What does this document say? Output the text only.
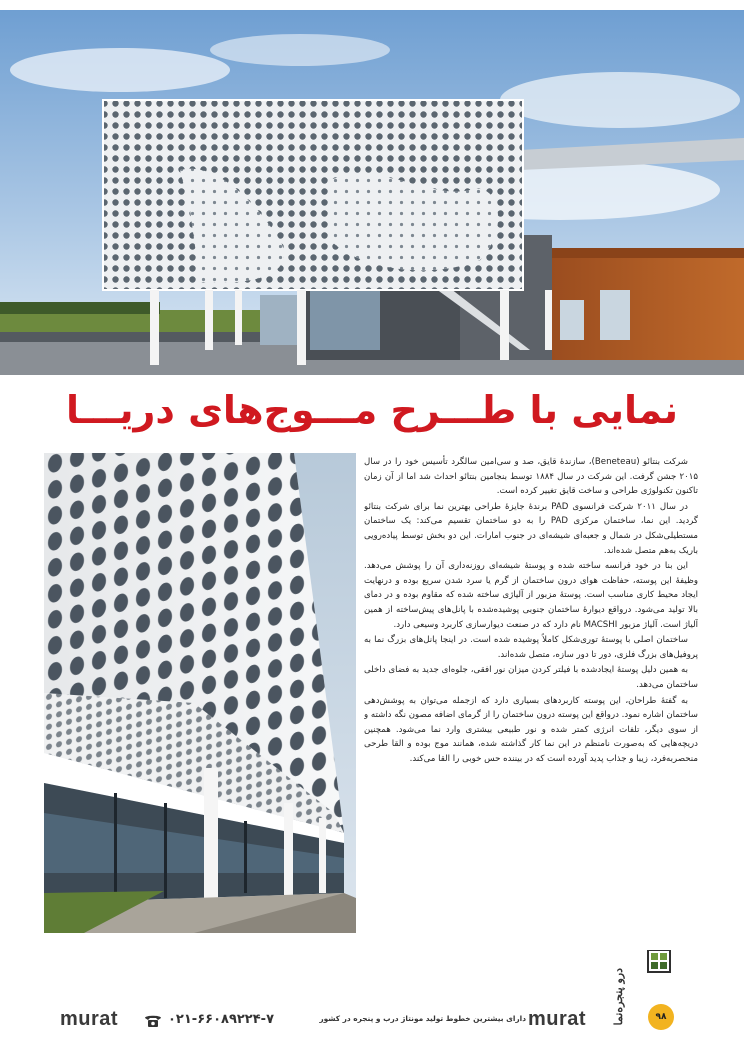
نمایی با طـــرح مـــوج‌های دریـــا

شرکت بنتائو (Beneteau)، سازندۀ قایق، صد و سی‌امین سالگرد تأسیس خود را در سال ۲۰۱۵ جشن گرفت. این شرکت در سال ۱۸۸۴ توسط بنجامین بنتائو احداث شد اما از آن زمان تاکنون تکنولوژی طراحی و ساخت قایق تغییر کرده است.

در سال ۲۰۱۱ شرکت فرانسوی PAD برندۀ جایزۀ طراحی بهترین نما برای شرکت بنتائو گردید. این نما، ساختمان مرکزی PAD را به دو ساختمان تقسیم می‌کند: یک ساختمان مستطیلی‌شکل در شمال و جعبه‌ای شیشه‌ای در جنوب امارات. این دو بخش توسط پیاده‌رویی باریک به‌هم متصل شده‌اند.

این بنا در خود فرانسه ساخته شده و پوستۀ شیشه‌ای روزنه‌داری آن را پوشش می‌دهد. وظیفۀ این پوسته، حفاظت هوای درون ساختمان از گرم یا سرد شدن سریع بوده و درنهایت ایجاد محیط کاری مناسب است. پوستۀ مزبور از آلیاژی ساخته شده که مقاوم بوده و در دمای بالا تولید می‌شود. درواقع دیوارۀ ساختمان جنوبی پوشیده‌شده با پانل‌های پیش‌ساخته از همین آلیاژ است. آلیاژ مزبور MACSHI نام دارد که در صنعت دیوارسازی کاربرد وسیعی دارد.

ساختمان اصلی با پوستۀ توری‌شکل کاملاً پوشیده شده است. در اینجا پانل‌های بزرگ نما به پروفیل‌های بزرگ فلزی، دور تا دور سازه، متصل شده‌اند.

به همین دلیل پوستۀ ایجادشده با فیلتر کردن میزان نور افقی، جلوه‌ای جدید به فضای داخلی ساختمان می‌دهد.

به گفتۀ طراحان، این پوسته کاربردهای بسیاری دارد که ازجمله می‌توان به پوشش‌دهی ساختمان اشاره نمود. درواقع این پوسته درون ساختمان را از گرمای اضافه مصون نگه داشته و از سوی دیگر، تلفات انرژی کمتر شده و نور طبیعی بیشتری وارد نما می‌شود. همچنین دریچه‌هایی که به‌صورت نامنظم در این نما کار گذاشته شده، همانند موج بوده و القا طرحی منحصربه‌فرد، زیبا و جذاب پدید آورده است که در بیننده حس خوبی را القا می‌کند.

درو پنجره‌نما	۹۸
murat
دارای بیشترین خطوط تولید مونتاژ درب و پنجره در کشور
۰۲۱-۶۶۰۸۹۲۲۴-۷
murat
